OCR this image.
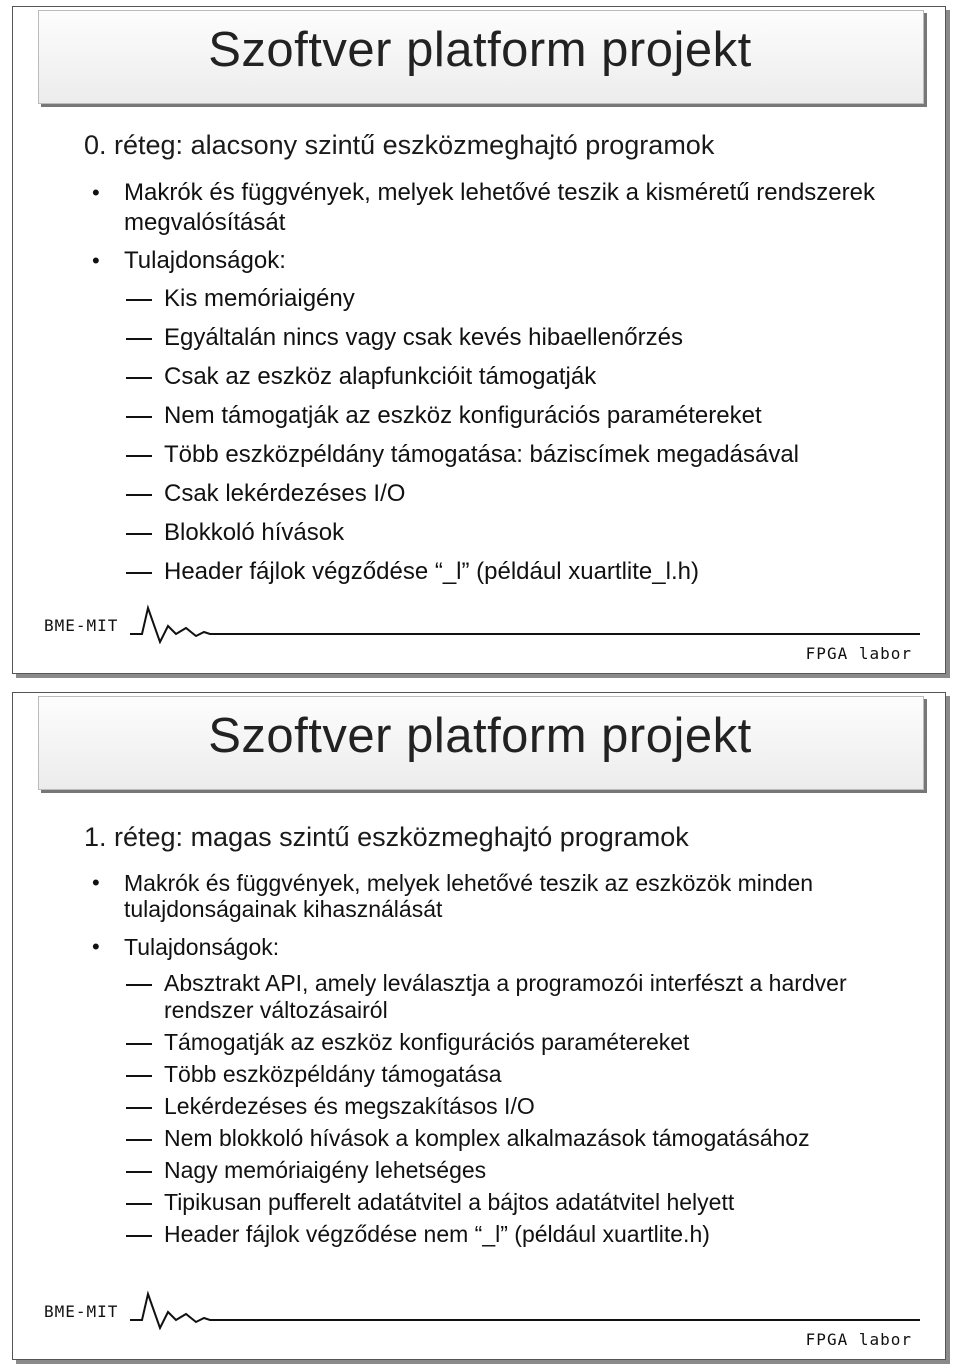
Szoftver platform projekt
0. réteg: alacsony szintű eszközmeghajtó programok
• Makrók és függvények, melyek lehetővé teszik a kisméretű rendszerek megvalósítását
• Tulajdonságok:
Kis memóriaigény
Egyáltalán nincs vagy csak kevés hibaellenőrzés
Csak az eszköz alapfunkcióit támogatják
Nem támogatják az eszköz konfigurációs paramétereket
Több eszközpéldány támogatása: báziscímek megadásával
Csak lekérdezéses I/O
Blokkoló hívások
Header fájlok végződése “_l” (például xuartlite_l.h)
BME-MIT
FPGA labor
Szoftver platform projekt
1. réteg: magas szintű eszközmeghajtó programok
• Makrók és függvények, melyek lehetővé teszik az eszközök minden tulajdonságainak kihasználását
• Tulajdonságok:
Absztrakt API, amely leválasztja a programozói interfészt a hardver rendszer változásairól
Támogatják az eszköz konfigurációs paramétereket
Több eszközpéldány támogatása
Lekérdezéses és megszakításos I/O
Nem blokkoló hívások a komplex alkalmazások támogatásához
Nagy memóriaigény lehetséges
Tipikusan pufferelt adatátvitel a bájtos adatátvitel helyett
Header fájlok végződése nem “_l” (például xuartlite.h)
BME-MIT
FPGA labor
